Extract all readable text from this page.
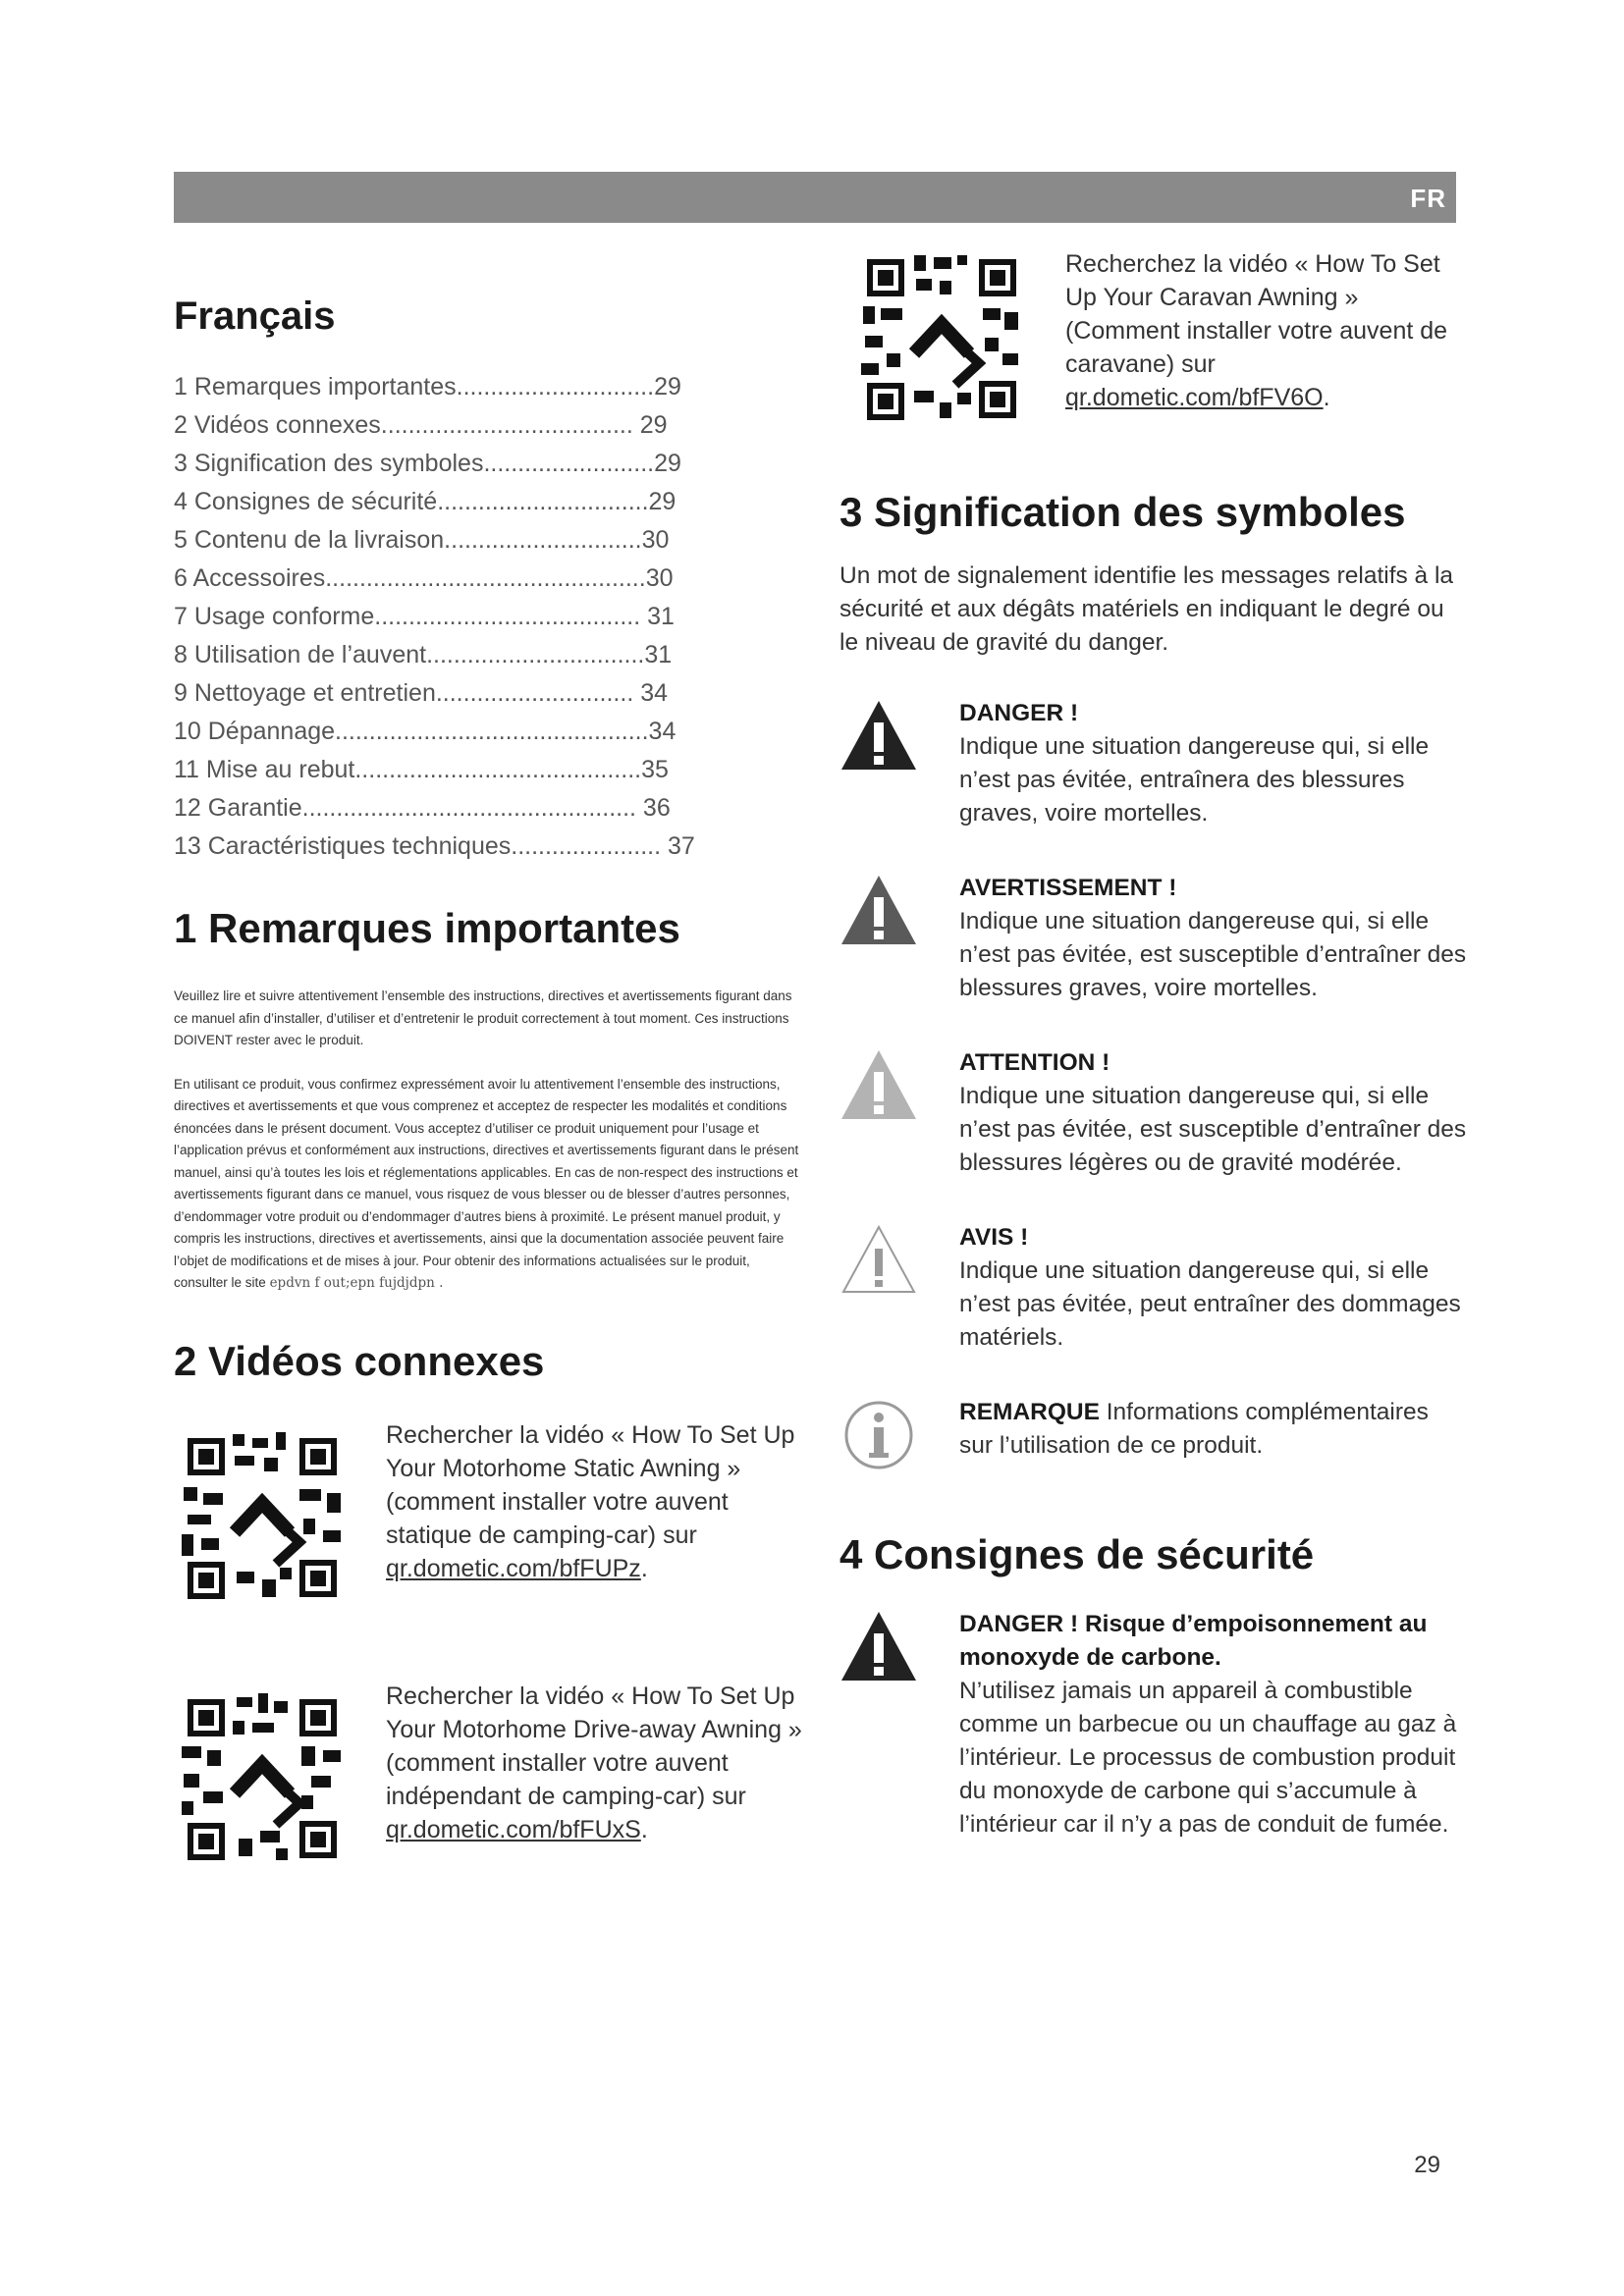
FR
Français
1 Remarques importantes.............................29
2 Vidéos connexes..................................... 29
3 Signification des symboles.........................29
4 Consignes de sécurité...............................29
5 Contenu de la livraison.............................30
6 Accessoires...............................................30
7 Usage conforme....................................... 31
8 Utilisation de l’auvent................................31
9 Nettoyage et entretien............................. 34
10 Dépannage..............................................34
11 Mise au rebut..........................................35
12 Garantie................................................. 36
13 Caractéristiques techniques...................... 37
1 Remarques importantes

Veuillez lire et suivre attentivement l’ensemble des instructions, directives et avertissements figurant dans ce manuel afin d’installer, d’utiliser et d’entretenir le produit correctement à tout moment. Ces instructions DOIVENT rester avec le produit.

En utilisant ce produit, vous confirmez expressément avoir lu attentivement l’ensemble des instructions, directives et avertissements et que vous comprenez et acceptez de respecter les modalités et conditions énoncées dans le présent document. Vous acceptez d’utiliser ce produit uniquement pour l’usage et l’application prévus et conformément aux instructions, directives et avertissements figurant dans le présent manuel, ainsi qu’à toutes les lois et réglementations applicables. En cas de non-respect des instructions et avertissements figurant dans ce manuel, vous risquez de vous blesser ou de blesser d’autres personnes, d’endommager votre produit ou d’endommager d’autres biens à proximité. Le présent manuel produit, y compris les instructions, directives et avertissements, ainsi que la documentation associée peuvent faire l’objet de modifications et de mises à jour. Pour obtenir des informations actualisées sur le produit, consulter le site epdvn f out;epn fujdjdpn .

2 Vidéos connexes

Rechercher la vidéo « How To Set Up Your Motorhome Static Awning » (comment installer votre auvent statique de camping-car) sur qr.dometic.com/bfFUPz.

Rechercher la vidéo « How To Set Up Your Motorhome Drive-away Awning » (comment installer votre auvent indépendant de camping-car) sur qr.dometic.com/bfFUxS.

Recherchez la vidéo « How To Set Up Your Caravan Awning » (Comment installer votre auvent de caravane) sur qr.dometic.com/bfFV6O.

3 Signification des symboles

Un mot de signalement identifie les messages relatifs à la sécurité et aux dégâts matériels en indiquant le degré ou le niveau de gravité du danger.

DANGER !

Indique une situation dangereuse qui, si elle n’est pas évitée, entraînera des blessures graves, voire mortelles.

AVERTISSEMENT !

Indique une situation dangereuse qui, si elle n’est pas évitée, est susceptible d’entraîner des blessures graves, voire mortelles.

ATTENTION !

Indique une situation dangereuse qui, si elle n’est pas évitée, est susceptible d’entraîner des blessures légères ou de gravité modérée.

AVIS !

Indique une situation dangereuse qui, si elle n’est pas évitée, peut entraîner des dommages matériels.

REMARQUE Informations complémentaires sur l’utilisation de ce produit.

4 Consignes de sécurité
DANGER ! Risque d’empoisonnement au monoxyde de carbone.

N’utilisez jamais un appareil à combustible comme un barbecue ou un chauffage au gaz à l’intérieur. Le processus de combustion produit du monoxyde de carbone qui s’accumule à l’intérieur car il n’y a pas de conduit de fumée.

29
